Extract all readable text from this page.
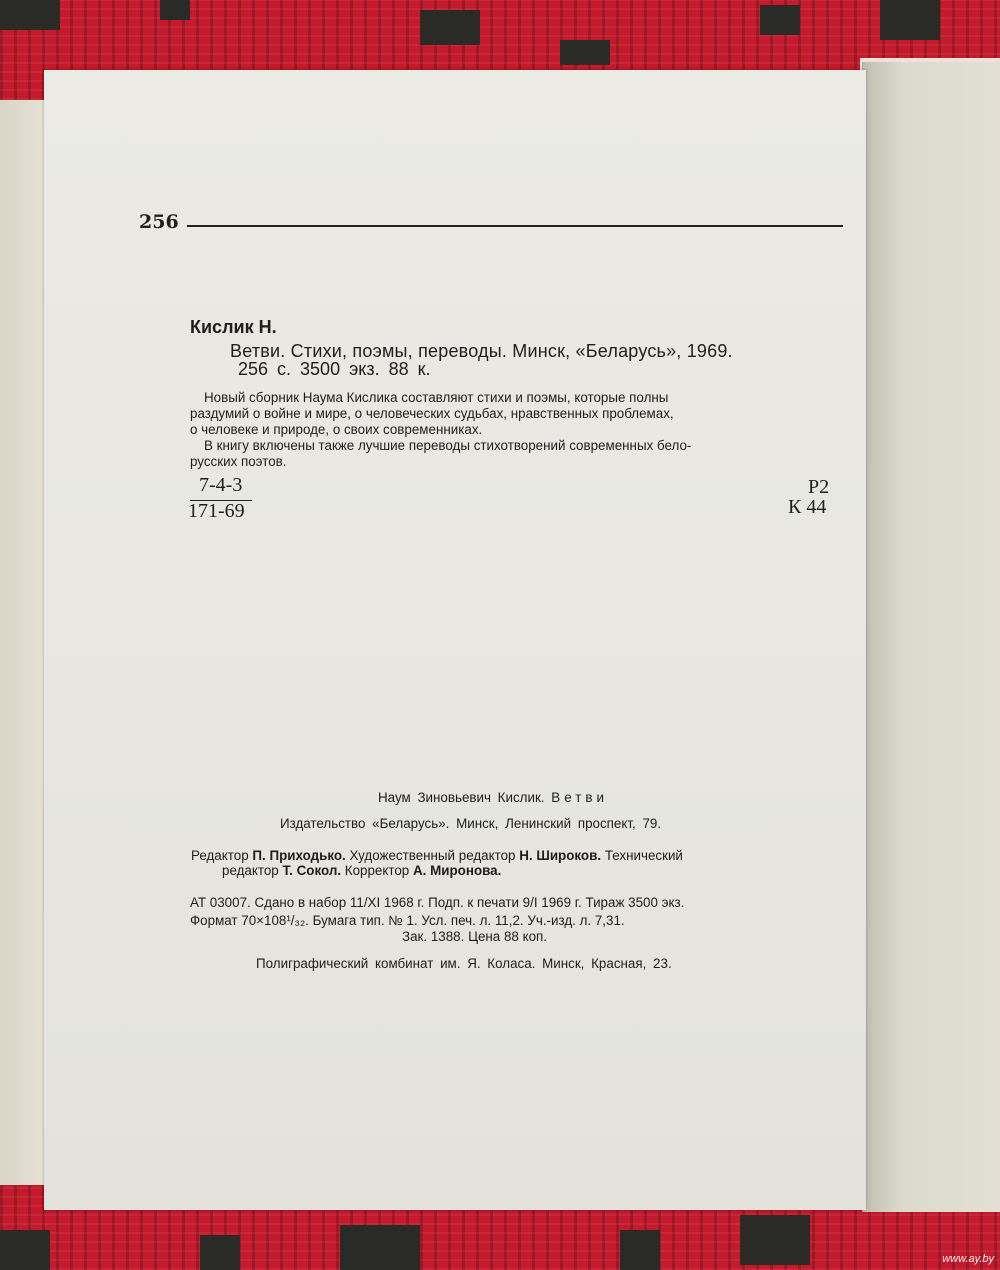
256
Кислик Н.
Ветви. Стихи, поэмы, переводы. Минск, «Беларусь», 1969.
256 с. 3500 экз. 88 к.

Новый сборник Наума Кислика составляют стихи и поэмы, которые полны

раздумий о войне и мире, о человеческих судьбах, нравственных проблемах,

о человеке и природе, о своих современниках.

В книгу включены также лучшие переводы стихотворений современных бело-

русских поэтов.

7-4-3
171-69
Р2
К 44
Наум Зиновьевич Кислик. Ветви
Издательство «Беларусь». Минск, Ленинский проспект, 79.
Редактор П. Приходько. Художественный редактор Н. Широков. Технический
редактор Т. Сокол. Корректор А. Миронова.
АТ 03007. Сдано в набор 11/XI 1968 г. Подп. к печати 9/I 1969 г. Тираж 3500 экз.
Формат 70×108¹/₃₂. Бумага тип. № 1. Усл. печ. л. 11,2. Уч.-изд. л. 7,31.
Зак. 1388. Цена 88 коп.
Полиграфический комбинат им. Я. Коласа. Минск, Красная, 23.
www.ay.by
